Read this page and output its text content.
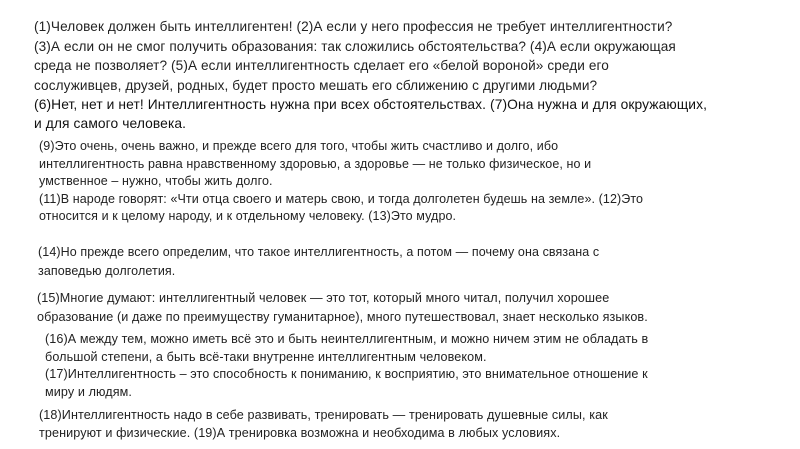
(1)Человек должен быть интеллигентен! (2)А если у него профессия не требует интеллигентности?
(3)А если он не смог получить образования: так сложились обстоятельства? (4)А если окружающая
среда не позволяет? (5)А если интеллигентность сделает его «белой вороной» среди его
сослуживцев, друзей, родных, будет просто мешать его сближению с другими людьми?

(6)Нет, нет и нет! Интеллигентность нужна при всех обстоятельствах. (7)Она нужна и для окружающих,
и для самого человека.

(9)Это очень, очень важно, и прежде всего для того, чтобы жить счастливо и долго, ибо
интеллигентность равна нравственному здоровью, а здоровье — не только физическое, но и
умственное – нужно, чтобы жить долго.
(11)В народе говорят: «Чти отца своего и матерь свою, и тогда долголетен будешь на земле». (12)Это
относится и к целому народу, и к отдельному человеку. (13)Это мудро.

(14)Но прежде всего определим, что такое интеллигентность, а потом — почему она связана с
заповедью долголетия.

(15)Многие думают: интеллигентный человек — это тот, который много читал, получил хорошее
образование (и даже по преимуществу гуманитарное), много путешествовал, знает несколько языков.

(16)А между тем, можно иметь всё это и быть неинтеллигентным, и можно ничем этим не обладать в
большой степени, а быть всё-таки внутренне интеллигентным человеком.
(17)Интеллигентность – это способность к пониманию, к восприятию, это внимательное отношение к
миру и людям.

(18)Интеллигентность надо в себе развивать, тренировать — тренировать душевные силы, как
тренируют и физические. (19)А тренировка возможна и необходима в любых условиях.
